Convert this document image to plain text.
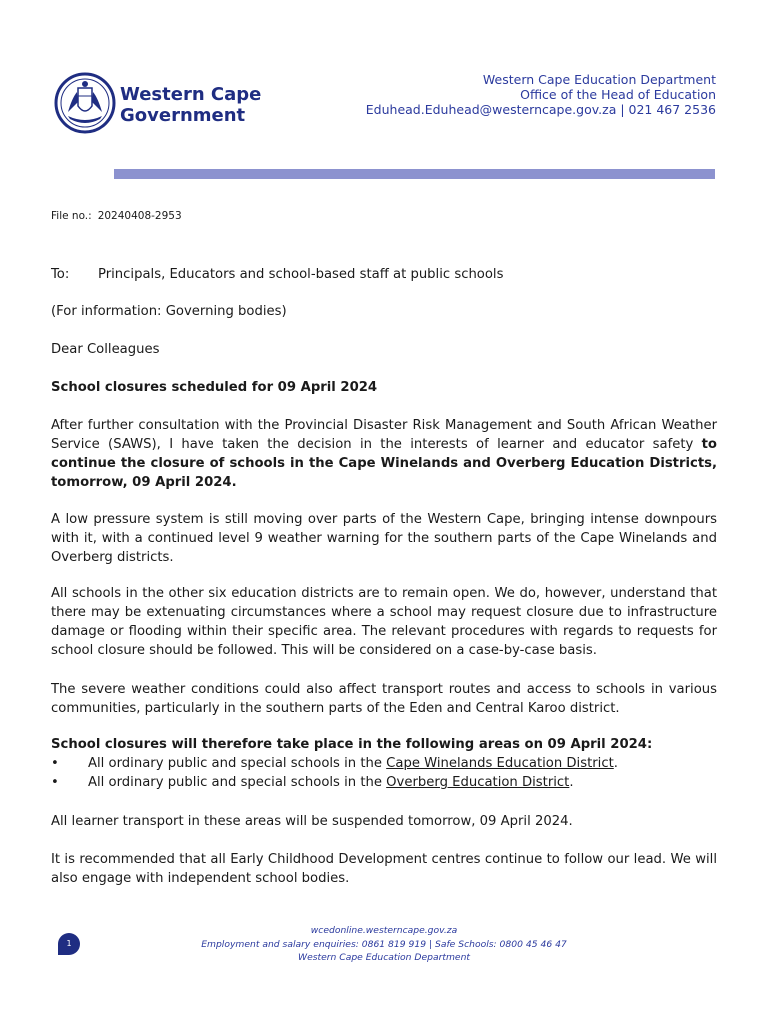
Western Cape
Government
Western Cape Education Department
Office of the Head of Education
Eduhead.Eduhead@westerncape.gov.za | 021 467 2536
File no.: 20240408-2953
To: Principals, Educators and school-based staff at public schools
(For information: Governing bodies)
Dear Colleagues
School closures scheduled for 09 April 2024
After further consultation with the Provincial Disaster Risk Management and South African Weather Service (SAWS), I have taken the decision in the interests of learner and educator safety to continue the closure of schools in the Cape Winelands and Overberg Education Districts, tomorrow, 09 April 2024.
A low pressure system is still moving over parts of the Western Cape, bringing intense downpours with it, with a continued level 9 weather warning for the southern parts of the Cape Winelands and Overberg districts.
All schools in the other six education districts are to remain open. We do, however, understand that there may be extenuating circumstances where a school may request closure due to infrastructure damage or flooding within their specific area. The relevant procedures with regards to requests for school closure should be followed. This will be considered on a case-by-case basis.
The severe weather conditions could also affect transport routes and access to schools in various communities, particularly in the southern parts of the Eden and Central Karoo district.
School closures will therefore take place in the following areas on 09 April 2024:
• All ordinary public and special schools in the Cape Winelands Education District.
• All ordinary public and special schools in the Overberg Education District.
All learner transport in these areas will be suspended tomorrow, 09 April 2024.
It is recommended that all Early Childhood Development centres continue to follow our lead. We will also engage with independent school bodies.
1
wcedonline.westerncape.gov.za
Employment and salary enquiries: 0861 819 919 | Safe Schools: 0800 45 46 47
Western Cape Education Department
